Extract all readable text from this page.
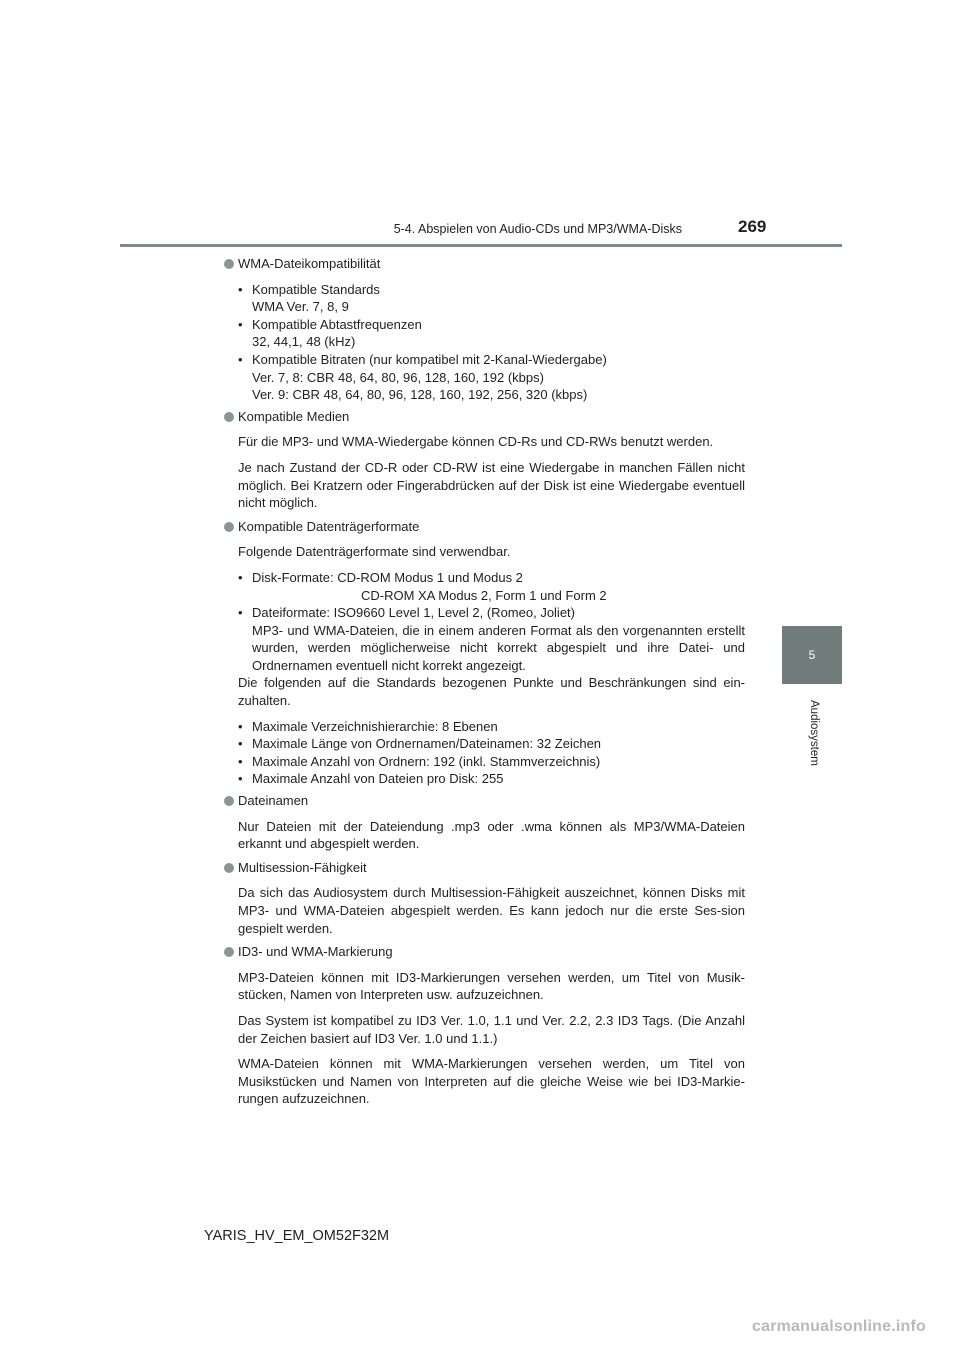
5-4. Abspielen von Audio-CDs und MP3/WMA-Disks	269
5
Audiosystem
WMA-Dateikompatibilität
• Kompatible Standards
WMA Ver. 7, 8, 9
• Kompatible Abtastfrequenzen
32, 44,1, 48 (kHz)
• Kompatible Bitraten (nur kompatibel mit 2-Kanal-Wiedergabe)
Ver. 7, 8: CBR 48, 64, 80, 96, 128, 160, 192 (kbps)
Ver. 9: CBR 48, 64, 80, 96, 128, 160, 192, 256, 320 (kbps)
Kompatible Medien
Für die MP3- und WMA-Wiedergabe können CD-Rs und CD-RWs benutzt werden.
Je nach Zustand der CD-R oder CD-RW ist eine Wiedergabe in manchen Fällen nicht möglich. Bei Kratzern oder Fingerabdrücken auf der Disk ist eine Wiedergabe eventuell nicht möglich.
Kompatible Datenträgerformate
Folgende Datenträgerformate sind verwendbar.
• Disk-Formate: CD-ROM Modus 1 und Modus 2
CD-ROM XA Modus 2, Form 1 und Form 2
• Dateiformate: ISO9660 Level 1, Level 2, (Romeo, Joliet)
MP3- und WMA-Dateien, die in einem anderen Format als den vorgenannten erstellt wurden, werden möglicherweise nicht korrekt abgespielt und ihre Datei- und Ordnernamen eventuell nicht korrekt angezeigt.
Die folgenden auf die Standards bezogenen Punkte und Beschränkungen sind ein-zuhalten.
• Maximale Verzeichnishierarchie: 8 Ebenen
• Maximale Länge von Ordnernamen/Dateinamen: 32 Zeichen
• Maximale Anzahl von Ordnern: 192 (inkl. Stammverzeichnis)
• Maximale Anzahl von Dateien pro Disk: 255
Dateinamen
Nur Dateien mit der Dateiendung .mp3 oder .wma können als MP3/WMA-Dateien erkannt und abgespielt werden.
Multisession-Fähigkeit
Da sich das Audiosystem durch Multisession-Fähigkeit auszeichnet, können Disks mit MP3- und WMA-Dateien abgespielt werden. Es kann jedoch nur die erste Ses-sion gespielt werden.
ID3- und WMA-Markierung
MP3-Dateien können mit ID3-Markierungen versehen werden, um Titel von Musik-stücken, Namen von Interpreten usw. aufzuzeichnen.
Das System ist kompatibel zu ID3 Ver. 1.0, 1.1 und Ver. 2.2, 2.3 ID3 Tags. (Die Anzahl der Zeichen basiert auf ID3 Ver. 1.0 und 1.1.)
WMA-Dateien können mit WMA-Markierungen versehen werden, um Titel von Musikstücken und Namen von Interpreten auf die gleiche Weise wie bei ID3-Markie-rungen aufzuzeichnen.
YARIS_HV_EM_OM52F32M
carmanualsonline.info
